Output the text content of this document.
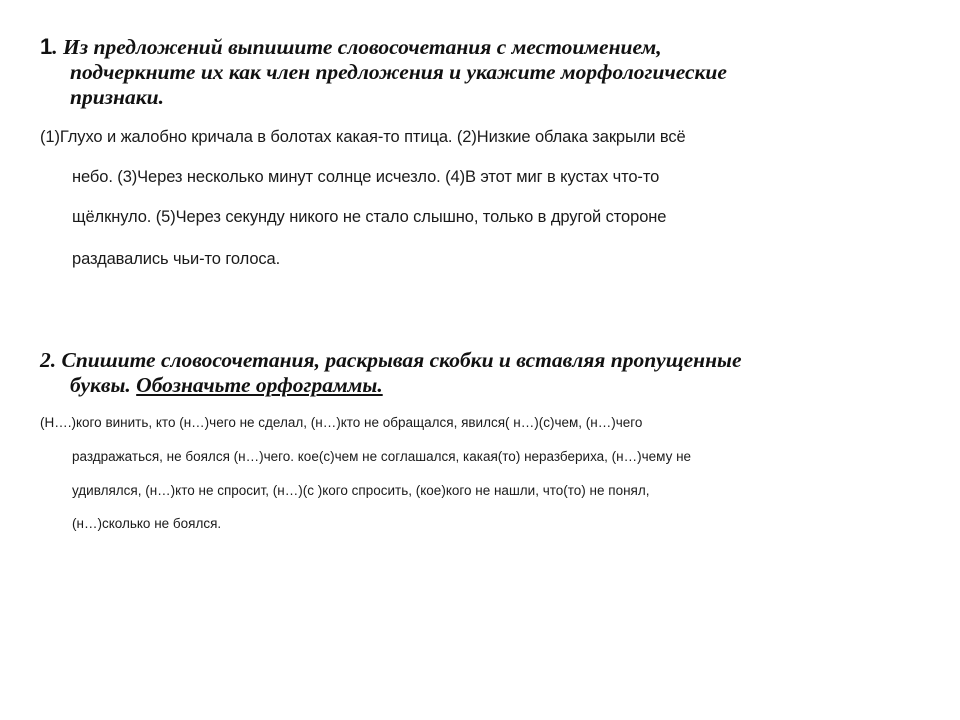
1. Из предложений выпишите словосочетания с местоимением,
подчеркните их как член предложения и укажите морфологические
признаки.
(1)Глухо и жалобно кричала в болотах какая-то птица. (2)Низкие облака закрыли всё
небо. (3)Через несколько минут солнце исчезло. (4)В этот миг в кустах что-то
щёлкнуло. (5)Через секунду никого не стало слышно, только в другой стороне
раздавались чьи-то голоса.
2. Спишите словосочетания, раскрывая скобки и вставляя пропущенные
буквы. Обозначьте орфограммы.
(Н….)кого винить, кто (н…)чего не сделал, (н…)кто не обращался, явился( н…)(с)чем, (н…)чего
раздражаться, не боялся (н…)чего. кое(с)чем не соглашался, какая(то) неразбериха, (н…)чему не
удивлялся, (н…)кто не спросит, (н…)(с )кого спросить, (кое)кого не нашли, что(то) не понял,
(н…)сколько не боялся.
